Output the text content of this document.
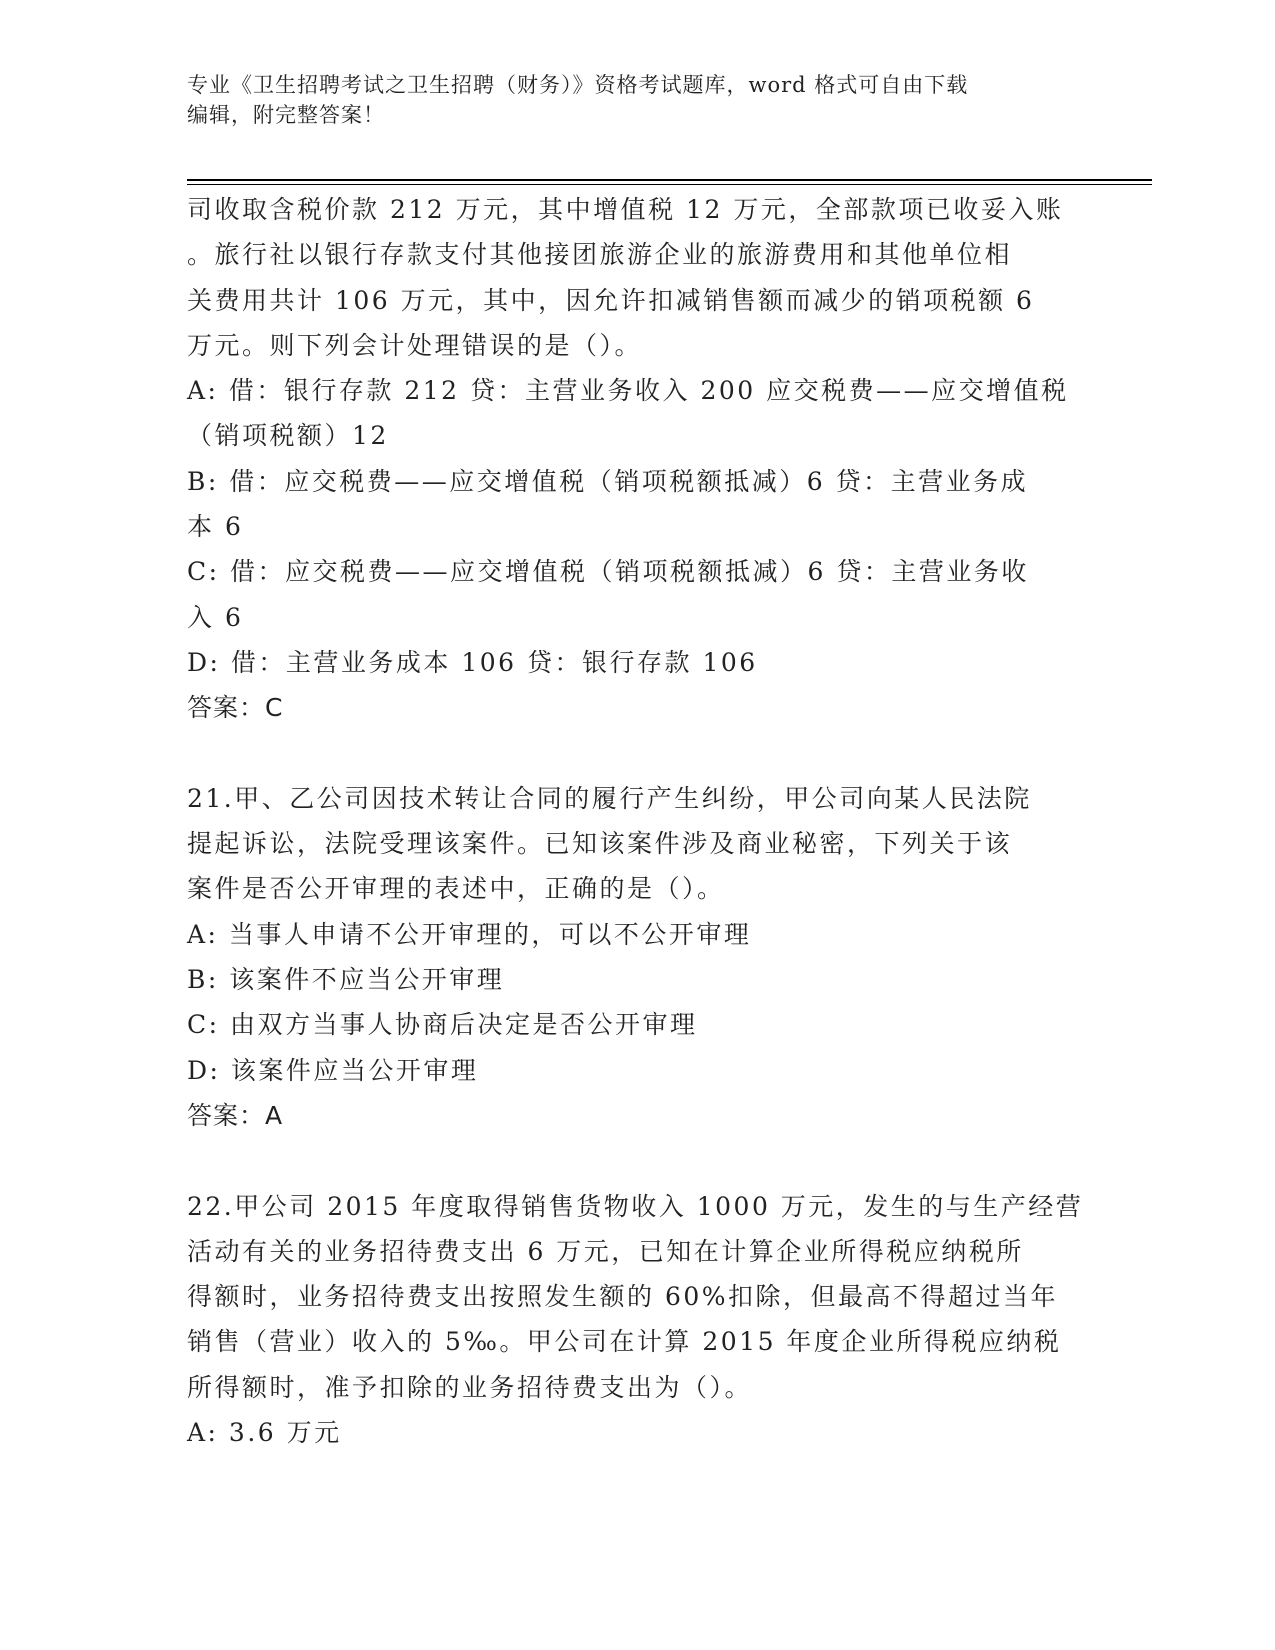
专业《卫生招聘考试之卫生招聘（财务）》资格考试题库，word 格式可自由下载
编辑，附完整答案！
司收取含税价款 212 万元，其中增值税 12 万元，全部款项已收妥入账
。旅行社以银行存款支付其他接团旅游企业的旅游费用和其他单位相
关费用共计 106 万元，其中，因允许扣减销售额而减少的销项税额 6
万元。则下列会计处理错误的是（）。
A: 借：银行存款 212 贷：主营业务收入 200 应交税费——应交增值税
（销项税额）12
B: 借：应交税费——应交增值税（销项税额抵减）6 贷：主营业务成
本 6
C: 借：应交税费——应交增值税（销项税额抵减）6 贷：主营业务收
入 6
D: 借：主营业务成本 106 贷：银行存款 106
答案：C
21.甲、乙公司因技术转让合同的履行产生纠纷，甲公司向某人民法院
提起诉讼，法院受理该案件。已知该案件涉及商业秘密，下列关于该
案件是否公开审理的表述中，正确的是（）。
A: 当事人申请不公开审理的，可以不公开审理
B: 该案件不应当公开审理
C: 由双方当事人协商后决定是否公开审理
D: 该案件应当公开审理
答案：A
22.甲公司 2015 年度取得销售货物收入 1000 万元，发生的与生产经营
活动有关的业务招待费支出 6 万元，已知在计算企业所得税应纳税所
得额时，业务招待费支出按照发生额的 60%扣除，但最高不得超过当年
销售（营业）收入的 5‰。甲公司在计算 2015 年度企业所得税应纳税
所得额时，准予扣除的业务招待费支出为（）。
A: 3.6 万元
